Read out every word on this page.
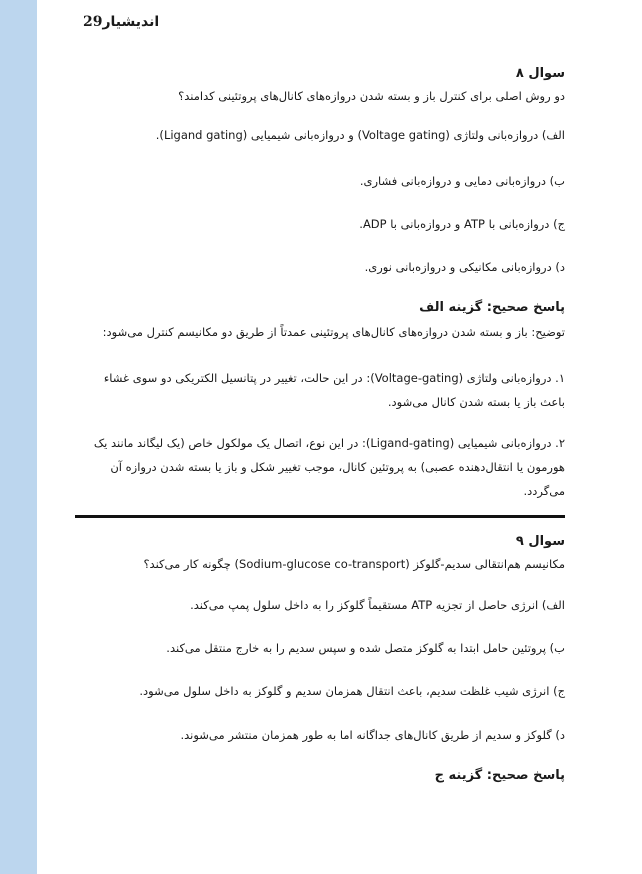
اندیشیار29
سوال ۸
دو روش اصلی برای کنترل باز و بسته شدن دروازه‌های کانال‌های پروتئینی کدامند؟
الف) دروازه‌بانی ولتاژی (Voltage gating) و دروازه‌بانی شیمیایی (Ligand gating).
ب) دروازه‌بانی دمایی و دروازه‌بانی فشاری.
ج) دروازه‌بانی با ATP و دروازه‌بانی با ADP.
د) دروازه‌بانی مکانیکی و دروازه‌بانی نوری.
پاسخ صحیح: گزینه الف
توضیح: باز و بسته شدن دروازه‌های کانال‌های پروتئینی عمدتاً از طریق دو مکانیسم کنترل می‌شود:
۱. دروازه‌بانی ولتاژی (Voltage-gating): در این حالت، تغییر در پتانسیل الکتریکی دو سوی غشاء باعث باز یا بسته شدن کانال می‌شود.
۲. دروازه‌بانی شیمیایی (Ligand-gating): در این نوع، اتصال یک مولکول خاص (یک لیگاند مانند یک هورمون یا انتقال‌دهنده عصبی) به پروتئین کانال، موجب تغییر شکل و باز یا بسته شدن دروازه آن می‌گردد.
سوال ۹
مکانیسم هم‌انتقالی سدیم-گلوکز (Sodium-glucose co-transport) چگونه کار می‌کند؟
الف) انرژی حاصل از تجزیه ATP مستقیماً گلوکز را به داخل سلول پمپ می‌کند.
ب) پروتئین حامل ابتدا به گلوکز متصل شده و سپس سدیم را به خارج منتقل می‌کند.
ج) انرژی شیب غلظت سدیم، باعث انتقال همزمان سدیم و گلوکز به داخل سلول می‌شود.
د) گلوکز و سدیم از طریق کانال‌های جداگانه اما به طور همزمان منتشر می‌شوند.
پاسخ صحیح: گزینه ج
